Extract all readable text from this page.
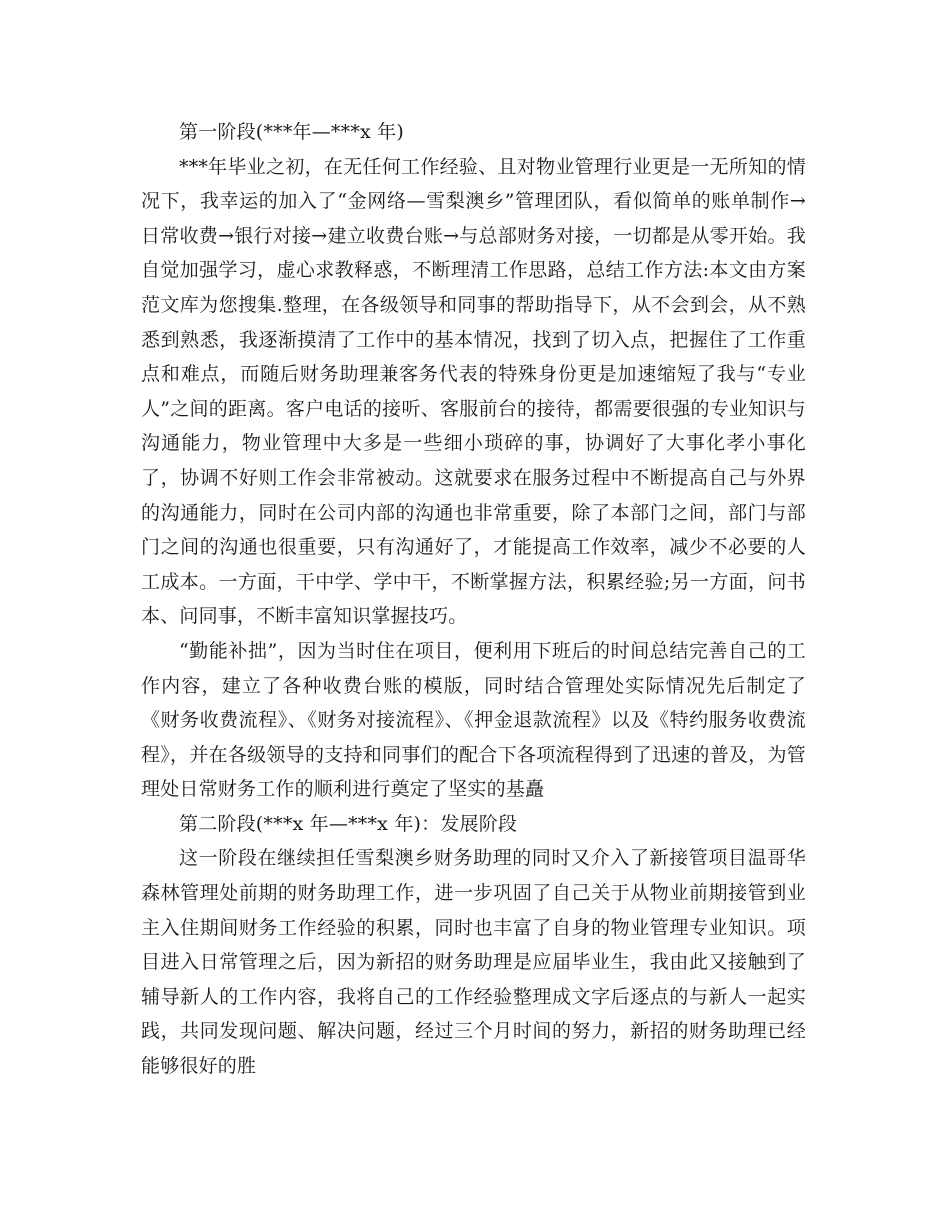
第一阶段(***年—***x 年)

***年毕业之初，在无任何工作经验、且对物业管理行业更是一无所知的情况下，我幸运的加入了“金网络—雪梨澳乡”管理团队，看似简单的账单制作→日常收费→银行对接→建立收费台账→与总部财务对接，一切都是从零开始。我自觉加强学习，虚心求教释惑，不断理清工作思路，总结工作方法:本文由方案范文库为您搜集.整理，在各级领导和同事的帮助指导下，从不会到会，从不熟悉到熟悉，我逐渐摸清了工作中的基本情况，找到了切入点，把握住了工作重点和难点，而随后财务助理兼客务代表的特殊身份更是加速缩短了我与“专业人”之间的距离。客户电话的接听、客服前台的接待，都需要很强的专业知识与沟通能力，物业管理中大多是一些细小琐碎的事，协调好了大事化孝小事化了，协调不好则工作会非常被动。这就要求在服务过程中不断提高自己与外界的沟通能力，同时在公司内部的沟通也非常重要，除了本部门之间，部门与部门之间的沟通也很重要，只有沟通好了，才能提高工作效率，减少不必要的人工成本。一方面，干中学、学中干，不断掌握方法，积累经验;另一方面，问书本、问同事，不断丰富知识掌握技巧。

“勤能补拙”，因为当时住在项目，便利用下班后的时间总结完善自己的工作内容，建立了各种收费台账的模版，同时结合管理处实际情况先后制定了《财务收费流程》、《财务对接流程》、《押金退款流程》以及《特约服务收费流程》，并在各级领导的支持和同事们的配合下各项流程得到了迅速的普及，为管理处日常财务工作的顺利进行奠定了坚实的基矗

第二阶段(***x 年—***x 年)：发展阶段

这一阶段在继续担任雪梨澳乡财务助理的同时又介入了新接管项目温哥华森林管理处前期的财务助理工作，进一步巩固了自己关于从物业前期接管到业主入住期间财务工作经验的积累，同时也丰富了自身的物业管理专业知识。项目进入日常管理之后，因为新招的财务助理是应届毕业生，我由此又接触到了辅导新人的工作内容，我将自己的工作经验整理成文字后逐点的与新人一起实践，共同发现问题、解决问题，经过三个月时间的努力，新招的财务助理已经能够很好的胜
